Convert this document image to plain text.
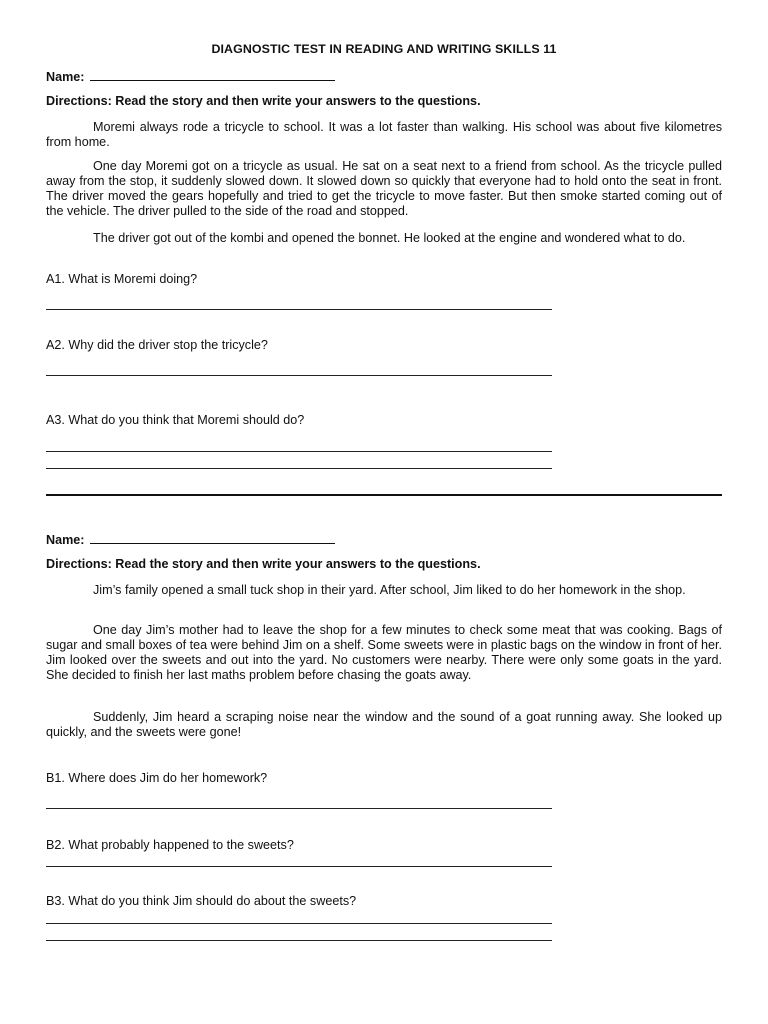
DIAGNOSTIC TEST IN READING AND WRITING SKILLS 11
Name:
Directions: Read the story and then write your answers to the questions.

Moremi always rode a tricycle to school. It was a lot faster than walking. His school was about five kilometres from home.

One day Moremi got on a tricycle as usual. He sat on a seat next to a friend from school. As the tricycle pulled away from the stop, it suddenly slowed down. It slowed down so quickly that everyone had to hold onto the seat in front. The driver moved the gears hopefully and tried to get the tricycle to move faster. But then smoke started coming out of the vehicle. The driver pulled to the side of the road and stopped.

The driver got out of the kombi and opened the bonnet. He looked at the engine and wondered what to do.

A1. What is Moremi doing?
A2. Why did the driver stop the tricycle?
A3. What do you think that Moremi should do?
Name:
Directions: Read the story and then write your answers to the questions.

Jim’s family opened a small tuck shop in their yard. After school, Jim liked to do her homework in the shop.

One day Jim’s mother had to leave the shop for a few minutes to check some meat that was cooking. Bags of sugar and small boxes of tea were behind Jim on a shelf. Some sweets were in plastic bags on the window in front of her. Jim looked over the sweets and out into the yard. No customers were nearby. There were only some goats in the yard. She decided to finish her last maths problem before chasing the goats away.

Suddenly, Jim heard a scraping noise near the window and the sound of a goat running away. She looked up quickly, and the sweets were gone!

B1. Where does Jim do her homework?
B2. What probably happened to the sweets?
B3. What do you think Jim should do about the sweets?
